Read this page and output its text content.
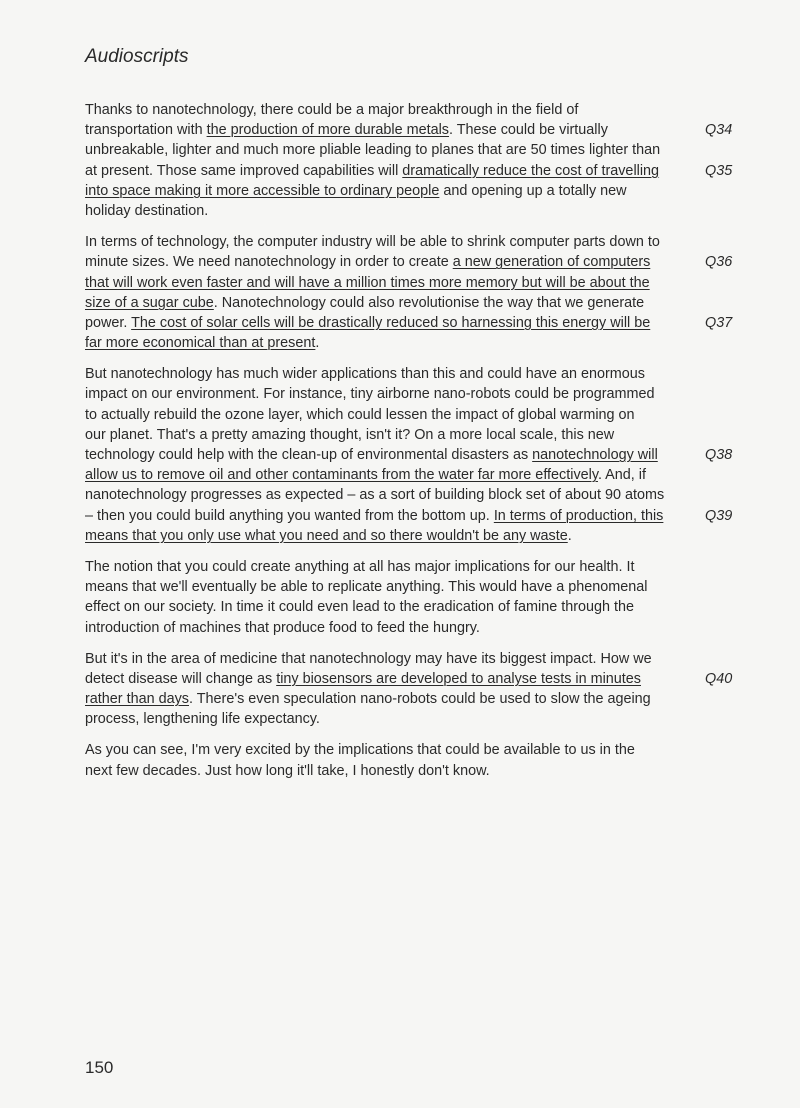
Audioscripts
Thanks to nanotechnology, there could be a major breakthrough in the field of
transportation with the production of more durable metals. These could be virtually	Q34
unbreakable, lighter and much more pliable leading to planes that are 50 times lighter than
at present. Those same improved capabilities will dramatically reduce the cost of travelling	Q35
into space making it more accessible to ordinary people and opening up a totally new
holiday destination.
In terms of technology, the computer industry will be able to shrink computer parts down to
minute sizes. We need nanotechnology in order to create a new generation of computers	Q36
that will work even faster and will have a million times more memory but will be about the
size of a sugar cube. Nanotechnology could also revolutionise the way that we generate
power. The cost of solar cells will be drastically reduced so harnessing this energy will be	Q37
far more economical than at present.
But nanotechnology has much wider applications than this and could have an enormous
impact on our environment. For instance, tiny airborne nano-robots could be programmed
to actually rebuild the ozone layer, which could lessen the impact of global warming on
our planet. That's a pretty amazing thought, isn't it? On a more local scale, this new
technology could help with the clean-up of environmental disasters as nanotechnology will	Q38
allow us to remove oil and other contaminants from the water far more effectively. And, if
nanotechnology progresses as expected – as a sort of building block set of about 90 atoms
– then you could build anything you wanted from the bottom up. In terms of production, this	Q39
means that you only use what you need and so there wouldn't be any waste.
The notion that you could create anything at all has major implications for our health. It
means that we'll eventually be able to replicate anything. This would have a phenomenal
effect on our society. In time it could even lead to the eradication of famine through the
introduction of machines that produce food to feed the hungry.
But it's in the area of medicine that nanotechnology may have its biggest impact. How we
detect disease will change as tiny biosensors are developed to analyse tests in minutes	Q40
rather than days. There's even speculation nano-robots could be used to slow the ageing
process, lengthening life expectancy.
As you can see, I'm very excited by the implications that could be available to us in the
next few decades. Just how long it'll take, I honestly don't know.
150
